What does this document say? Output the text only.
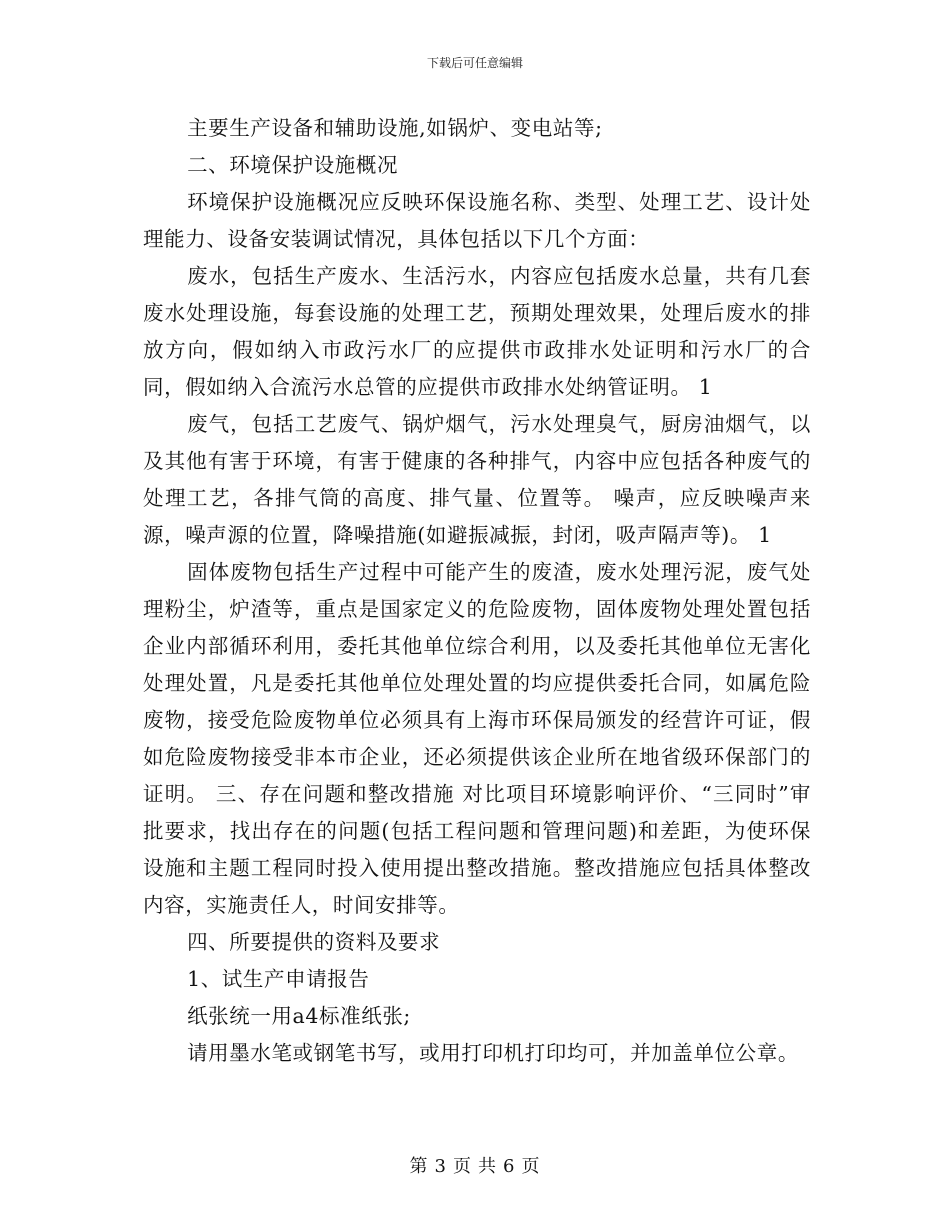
下载后可任意编辑

主要生产设备和辅助设施,如锅炉、变电站等;

二、环境保护设施概况

环境保护设施概况应反映环保设施名称、类型、处理工艺、设计处理能力、设备安装调试情况，具体包括以下几个方面：

废水，包括生产废水、生活污水，内容应包括废水总量，共有几套废水处理设施，每套设施的处理工艺，预期处理效果，处理后废水的排放方向，假如纳入市政污水厂的应提供市政排水处证明和污水厂的合同，假如纳入合流污水总管的应提供市政排水处纳管证明。 1

废气，包括工艺废气、锅炉烟气，污水处理臭气，厨房油烟气，以及其他有害于环境，有害于健康的各种排气，内容中应包括各种废气的处理工艺，各排气筒的高度、排气量、位置等。 噪声，应反映噪声来源，噪声源的位置，降噪措施(如避振减振，封闭，吸声隔声等)。 1

固体废物包括生产过程中可能产生的废渣，废水处理污泥，废气处理粉尘，炉渣等，重点是国家定义的危险废物，固体废物处理处置包括企业内部循环利用，委托其他单位综合利用，以及委托其他单位无害化处理处置，凡是委托其他单位处理处置的均应提供委托合同，如属危险废物，接受危险废物单位必须具有上海市环保局颁发的经营许可证，假如危险废物接受非本市企业，还必须提供该企业所在地省级环保部门的证明。 三、存在问题和整改措施 对比项目环境影响评价、“三同时”审批要求，找出存在的问题(包括工程问题和管理问题)和差距，为使环保设施和主题工程同时投入使用提出整改措施。整改措施应包括具体整改内容，实施责任人，时间安排等。

四、所要提供的资料及要求

1、试生产申请报告

纸张统一用a4标准纸张;

请用墨水笔或钢笔书写，或用打印机打印均可，并加盖单位公章。

第 3 页 共 6 页
